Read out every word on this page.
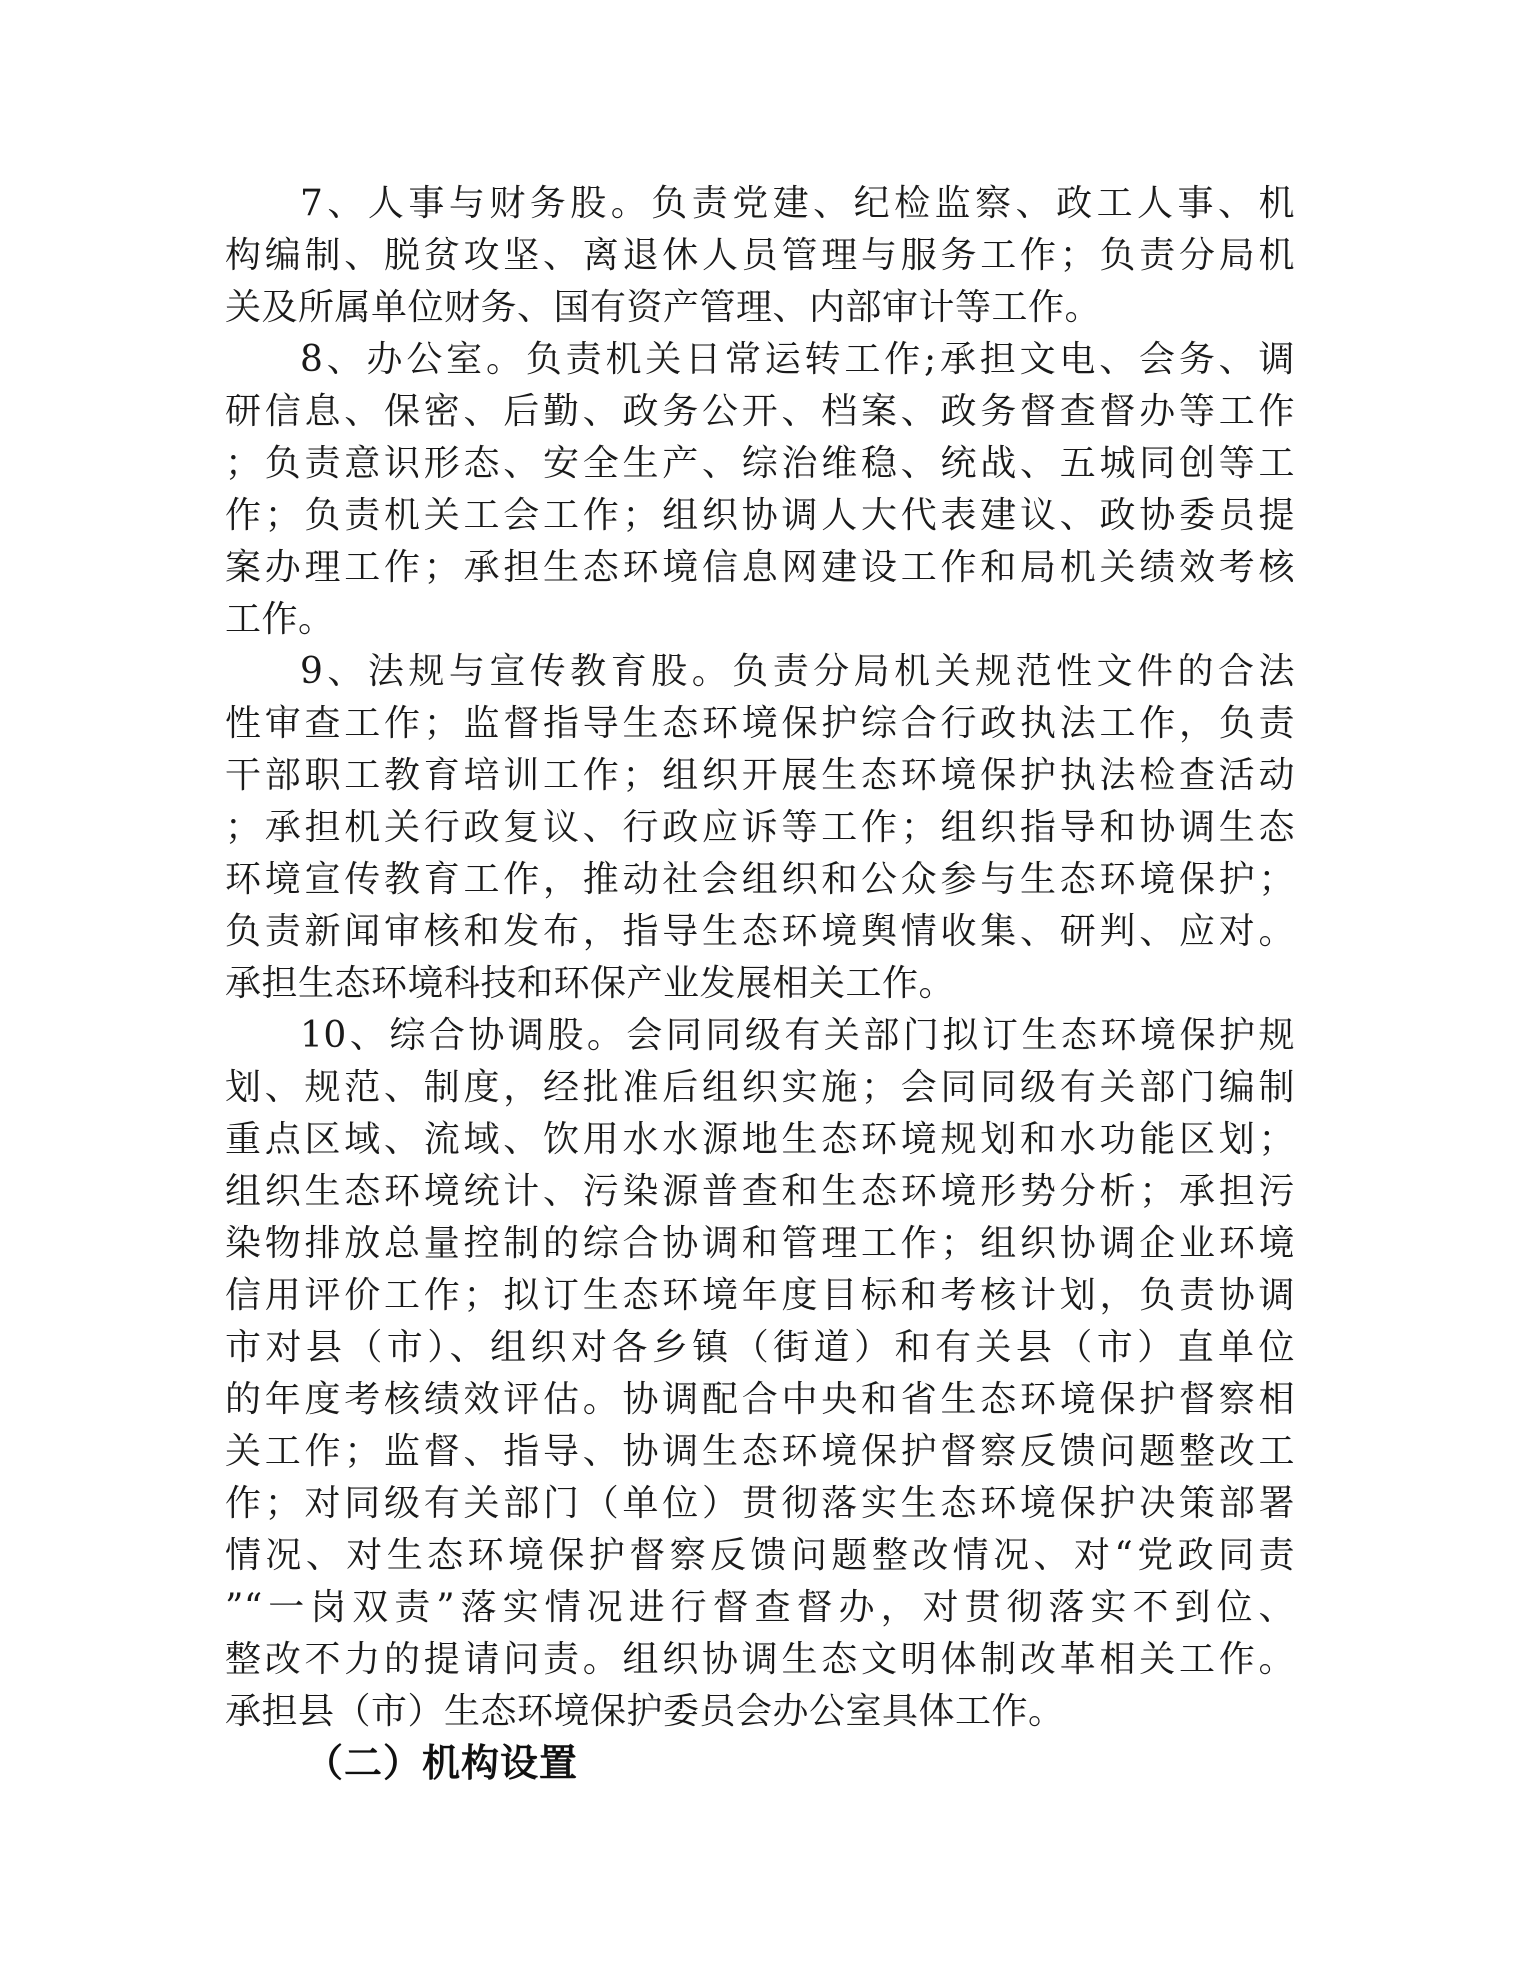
7、人事与财务股。负责党建、纪检监察、政工人事、机
构编制、脱贫攻坚、离退休人员管理与服务工作；负责分局机
关及所属单位财务、国有资产管理、内部审计等工作。
8、办公室。负责机关日常运转工作;承担文电、会务、调
研信息、保密、后勤、政务公开、档案、政务督查督办等工作
；负责意识形态、安全生产、综治维稳、统战、五城同创等工
作；负责机关工会工作；组织协调人大代表建议、政协委员提
案办理工作；承担生态环境信息网建设工作和局机关绩效考核
工作。
9、法规与宣传教育股。负责分局机关规范性文件的合法
性审查工作；监督指导生态环境保护综合行政执法工作，负责
干部职工教育培训工作；组织开展生态环境保护执法检查活动
；承担机关行政复议、行政应诉等工作；组织指导和协调生态
环境宣传教育工作，推动社会组织和公众参与生态环境保护；
负责新闻审核和发布，指导生态环境舆情收集、研判、应对。
承担生态环境科技和环保产业发展相关工作。
10、综合协调股。会同同级有关部门拟订生态环境保护规
划、规范、制度，经批准后组织实施；会同同级有关部门编制
重点区域、流域、饮用水水源地生态环境规划和水功能区划；
组织生态环境统计、污染源普查和生态环境形势分析；承担污
染物排放总量控制的综合协调和管理工作；组织协调企业环境
信用评价工作；拟订生态环境年度目标和考核计划，负责协调
市对县（市）、组织对各乡镇（街道）和有关县（市）直单位
的年度考核绩效评估。协调配合中央和省生态环境保护督察相
关工作；监督、指导、协调生态环境保护督察反馈问题整改工
作；对同级有关部门（单位）贯彻落实生态环境保护决策部署
情况、对生态环境保护督察反馈问题整改情况、对“党政同责
”“一岗双责”落实情况进行督查督办，对贯彻落实不到位、
整改不力的提请问责。组织协调生态文明体制改革相关工作。
承担县（市）生态环境保护委员会办公室具体工作。
（二）机构设置
